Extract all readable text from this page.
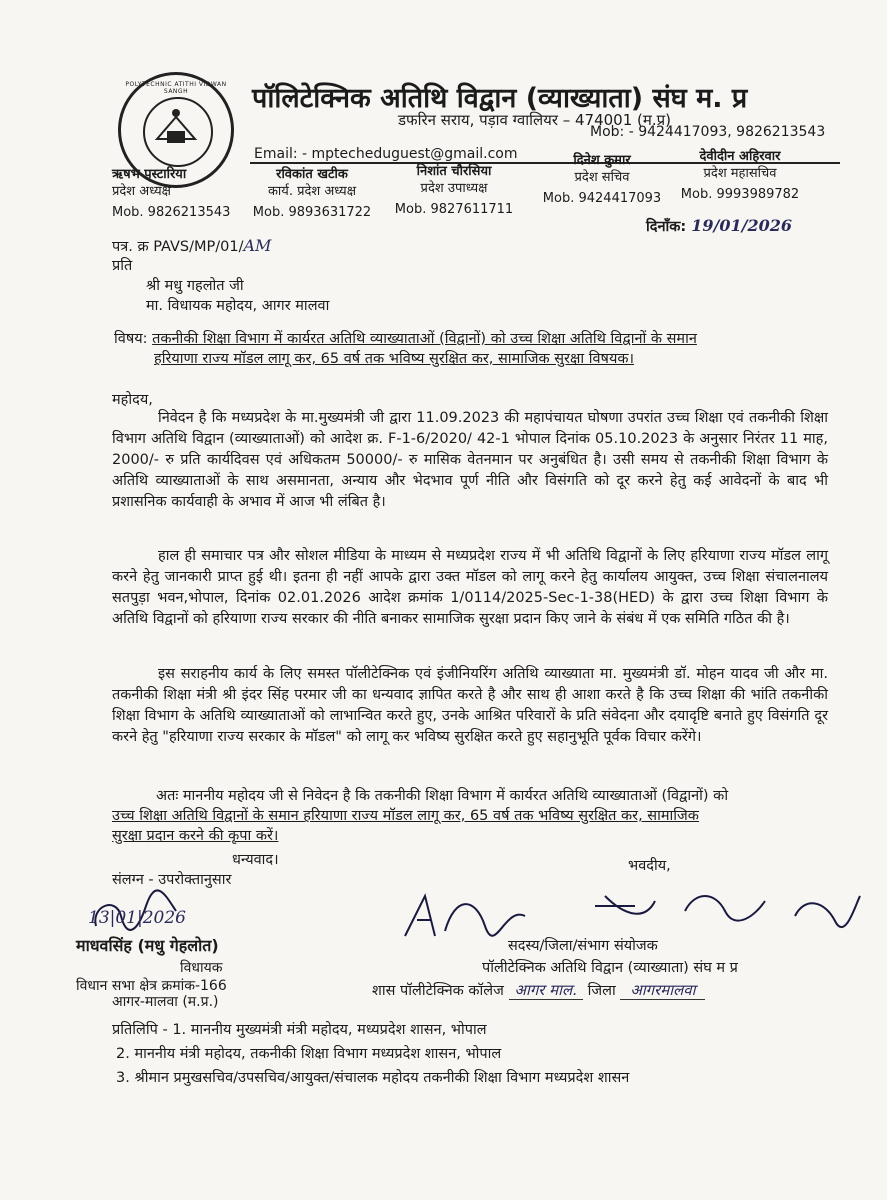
POLYTECHNIC ATITHI VIDWAN SANGH	पॉलिटेक्निक अतिथि विद्वान (व्याख्याता) संघ म. प्र
डफरिन सराय, पड़ाव ग्वालियर – 474001 (म.प्र)
Mob: - 9424417093, 9826213543
Email: - mptecheduguest@gmail.com
ऋषभ पस्टारिया
प्रदेश अध्यक्ष
Mob. 9826213543
रविकांत खटीक
कार्य. प्रदेश अध्यक्ष
Mob. 9893631722
निशांत चौरसिया
प्रदेश उपाध्यक्ष
Mob. 9827611711
दिनेश कुमार
प्रदेश सचिव
Mob. 9424417093
देवीदीन अहिरवार
प्रदेश महासचिव
Mob. 9993989782
दिनाँक: 19/01/2026
पत्र. क्र PAVS/MP/01/AM
प्रति
श्री मधु गहलोत जी
मा. विधायक महोदय, आगर मालवा
विषय: तकनीकी शिक्षा विभाग में कार्यरत अतिथि व्याख्याताओं (विद्वानों) को उच्च शिक्षा अतिथि विद्वानों के समान
हरियाणा राज्य मॉडल लागू कर, 65 वर्ष तक भविष्य सुरक्षित कर, सामाजिक सुरक्षा विषयक।
महोदय,
निवेदन है कि मध्यप्रदेश के मा.मुख्यमंत्री जी द्वारा 11.09.2023 की महापंचायत घोषणा उपरांत उच्च शिक्षा एवं तकनीकी शिक्षा विभाग अतिथि विद्वान (व्याख्याताओं) को आदेश क्र. F-1-6/2020/ 42-1 भोपाल दिनांक 05.10.2023 के अनुसार निरंतर 11 माह, 2000/- रु प्रति कार्यदिवस एवं अधिकतम 50000/- रु मासिक वेतनमान पर अनुबंधित है। उसी समय से तकनीकी शिक्षा विभाग के अतिथि व्याख्याताओं के साथ असमानता, अन्याय और भेदभाव पूर्ण नीति और विसंगति को दूर करने हेतु कई आवेदनों के बाद भी प्रशासनिक कार्यवाही के अभाव में आज भी लंबित है।
हाल ही समाचार पत्र और सोशल मीडिया के माध्यम से मध्यप्रदेश राज्य में भी अतिथि विद्वानों के लिए हरियाणा राज्य मॉडल लागू करने हेतु जानकारी प्राप्त हुई थी। इतना ही नहीं आपके द्वारा उक्त मॉडल को लागू करने हेतु कार्यालय आयुक्त, उच्च शिक्षा संचालनालय सतपुड़ा भवन,भोपाल, दिनांक 02.01.2026 आदेश क्रमांक 1/0114/2025-Sec-1-38(HED) के द्वारा उच्च शिक्षा विभाग के अतिथि विद्वानों को हरियाणा राज्य सरकार की नीति बनाकर सामाजिक सुरक्षा प्रदान किए जाने के संबंध में एक समिति गठित की है।
इस सराहनीय कार्य के लिए समस्त पॉलीटेक्निक एवं इंजीनियरिंग अतिथि व्याख्याता मा. मुख्यमंत्री डॉ. मोहन यादव जी और मा. तकनीकी शिक्षा मंत्री श्री इंदर सिंह परमार जी का धन्यवाद ज्ञापित करते है और साथ ही आशा करते है कि उच्च शिक्षा की भांति तकनीकी शिक्षा विभाग के अतिथि व्याख्याताओं को लाभान्वित करते हुए, उनके आश्रित परिवारों के प्रति संवेदना और दयादृष्टि बनाते हुए विसंगति दूर करने हेतु "हरियाणा राज्य सरकार के मॉडल" को लागू कर भविष्य सुरक्षित करते हुए सहानुभूति पूर्वक विचार करेंगे।
अतः माननीय महोदय जी से निवेदन है कि तकनीकी शिक्षा विभाग में कार्यरत अतिथि व्याख्याताओं (विद्वानों) को
उच्च शिक्षा अतिथि विद्वानों के समान हरियाणा राज्य मॉडल लागू कर, 65 वर्ष तक भविष्य सुरक्षित कर, सामाजिक
सुरक्षा प्रदान करने की कृपा करें।
धन्यवाद।	भवदीय,
संलग्न - उपरोक्तानुसार
13|01|2026
माधवसिंह (मधु गेहलोत)
विधायक
विधान सभा क्षेत्र क्रमांक-166
आगर-मालवा (म.प्र.)
सदस्य/जिला/संभाग संयोजक
पॉलीटेक्निक अतिथि विद्वान (व्याख्याता) संघ म प्र
शास पॉलीटेक्निक कॉलेज आगर माल. जिला आगरमालवा
प्रतिलिपि - 1. माननीय मुख्यमंत्री मंत्री महोदय, मध्यप्रदेश शासन, भोपाल
2. माननीय मंत्री महोदय, तकनीकी शिक्षा विभाग मध्यप्रदेश शासन, भोपाल
3. श्रीमान प्रमुखसचिव/उपसचिव/आयुक्त/संचालक महोदय तकनीकी शिक्षा विभाग मध्यप्रदेश शासन
